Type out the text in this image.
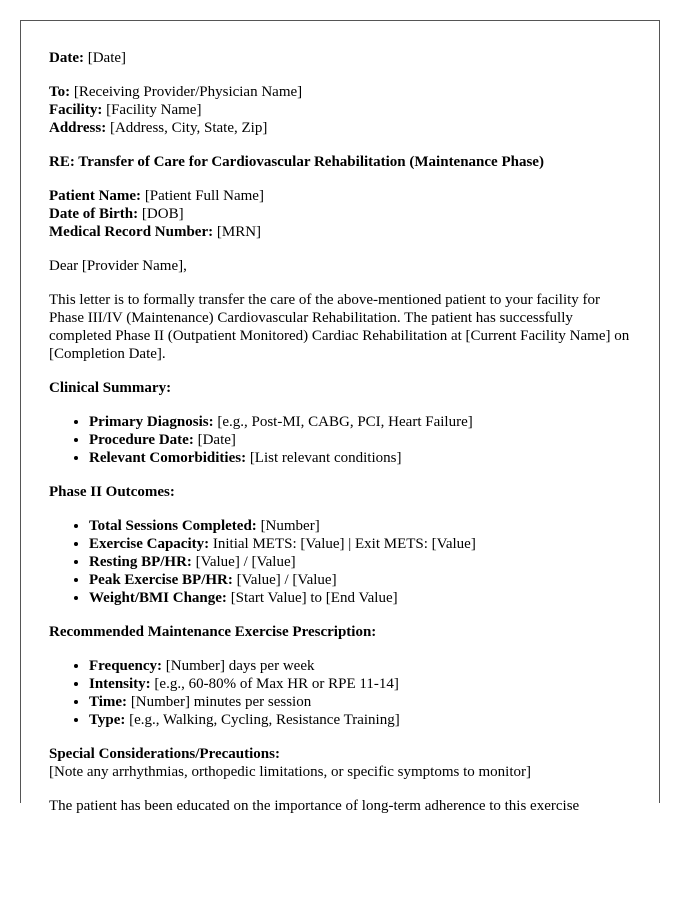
Date: [Date]

To: [Receiving Provider/Physician Name]

Facility: [Facility Name]

Address: [Address, City, State, Zip]

RE: Transfer of Care for Cardiovascular Rehabilitation (Maintenance Phase)

Patient Name: [Patient Full Name]

Date of Birth: [DOB]

Medical Record Number: [MRN]

Dear [Provider Name],

This letter is to formally transfer the care of the above-mentioned patient to your facility for Phase III/IV (Maintenance) Cardiovascular Rehabilitation. The patient has successfully completed Phase II (Outpatient Monitored) Cardiac Rehabilitation at [Current Facility Name] on [Completion Date].

Clinical Summary:

• Primary Diagnosis: [e.g., Post-MI, CABG, PCI, Heart Failure]
• Procedure Date: [Date]
• Relevant Comorbidities: [List relevant conditions]

Phase II Outcomes:

• Total Sessions Completed: [Number]
• Exercise Capacity: Initial METS: [Value] | Exit METS: [Value]
• Resting BP/HR: [Value] / [Value]
• Peak Exercise BP/HR: [Value] / [Value]
• Weight/BMI Change: [Start Value] to [End Value]

Recommended Maintenance Exercise Prescription:

• Frequency: [Number] days per week
• Intensity: [e.g., 60-80% of Max HR or RPE 11-14]
• Time: [Number] minutes per session
• Type: [e.g., Walking, Cycling, Resistance Training]

Special Considerations/Precautions:

[Note any arrhythmias, orthopedic limitations, or specific symptoms to monitor]

The patient has been educated on the importance of long-term adherence to this exercise
